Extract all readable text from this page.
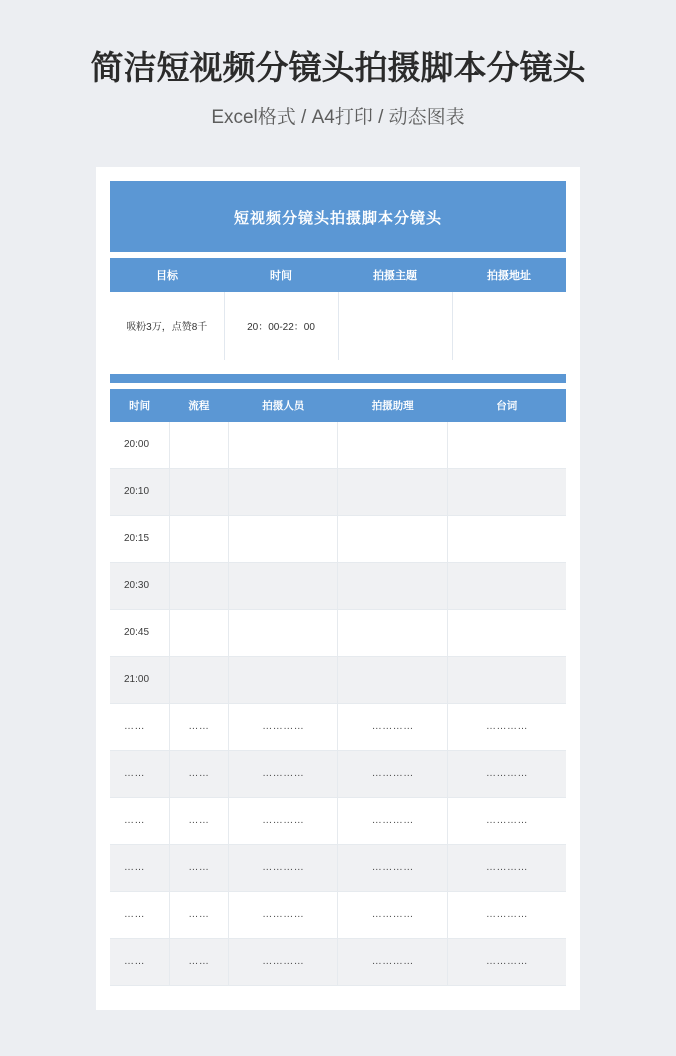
简洁短视频分镜头拍摄脚本分镜头
Excel格式 / A4打印 / 动态图表
短视频分镜头拍摄脚本分镜头
目标	时间	拍摄主题	拍摄地址
吸粉3万，点赞8千	20：00-22：00		
时间	流程	拍摄人员	拍摄助理	台词
20:00				
20:10				
20:15				
20:30				
20:45				
21:00				
……	……	…………	…………	…………
……	……	…………	…………	…………
……	……	…………	…………	…………
……	……	…………	…………	…………
……	……	…………	…………	…………
……	……	…………	…………	…………
